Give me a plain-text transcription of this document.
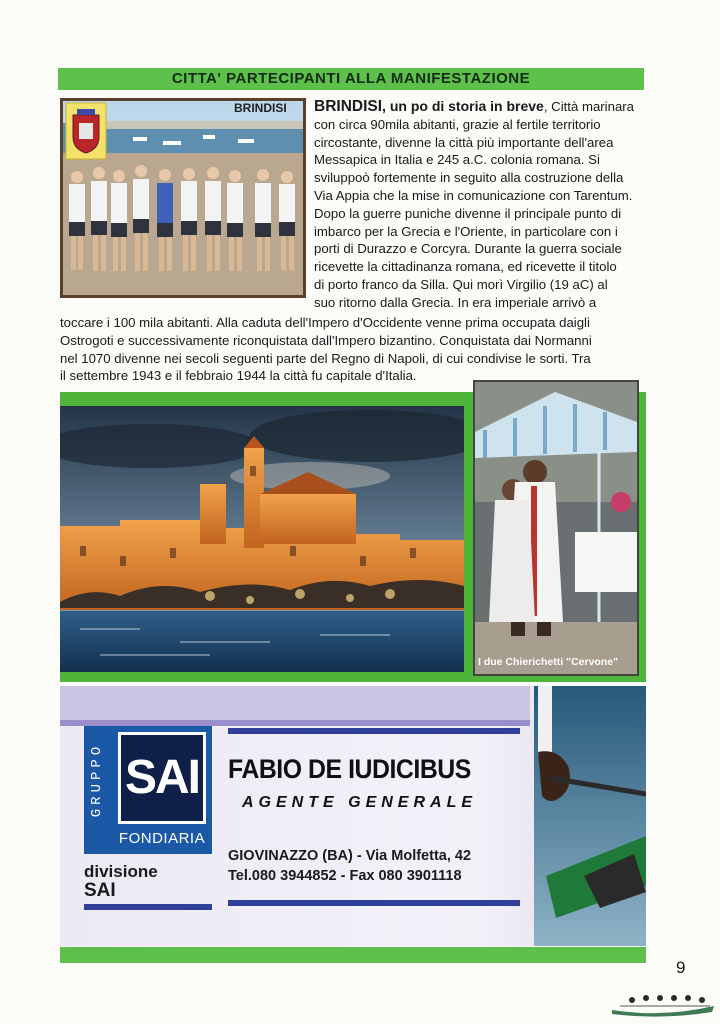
CITTA' PARTECIPANTI ALLA MANIFESTAZIONE
BRINDISI BRINDISI, un po di storia in breve, Città marinara
con circa 90mila abitanti, grazie al fertile territorio
circostante, divenne la città più importante dell'area
Messapica in Italia e 245 a.C. colonia romana. Si
sviluppoò fortemente in seguito alla costruzione della
Via Appia che la mise in comunicazione con Tarentum.
Dopo la guerre puniche divenne il principale punto di
imbarco per la Grecia e l'Oriente, in particolare con i
porti di Durazzo e Corcyra. Durante la guerra sociale
ricevette la cittadinanza romana, ed ricevette il titolo
di porto franco da Silla. Qui morì Virgilio (19 aC) al
suo ritorno dalla Grecia. In era imperiale arrivò a
toccare i 100 mila abitanti. Alla caduta dell'Impero d'Occidente venne prima occupata daigli
Ostrogoti e successivamente riconquistata dall'Impero bizantino. Conquistata dai Normanni
nel 1070 divenne nei secoli seguenti parte del Regno di Napoli, di cui condivise le sorti. Tra
il settembre 1943 e il febbraio 1944 la città fu capitale d'Italia.
I due Chierichetti "Cervone"
GRUPPO SAI
FONDIARIA
divisione
SAI
FABIO DE IUDICIBUS
AGENTE GENERALE
GIOVINAZZO (BA) - Via Molfetta, 42
Tel.080 3944852 - Fax 080 3901118
9
